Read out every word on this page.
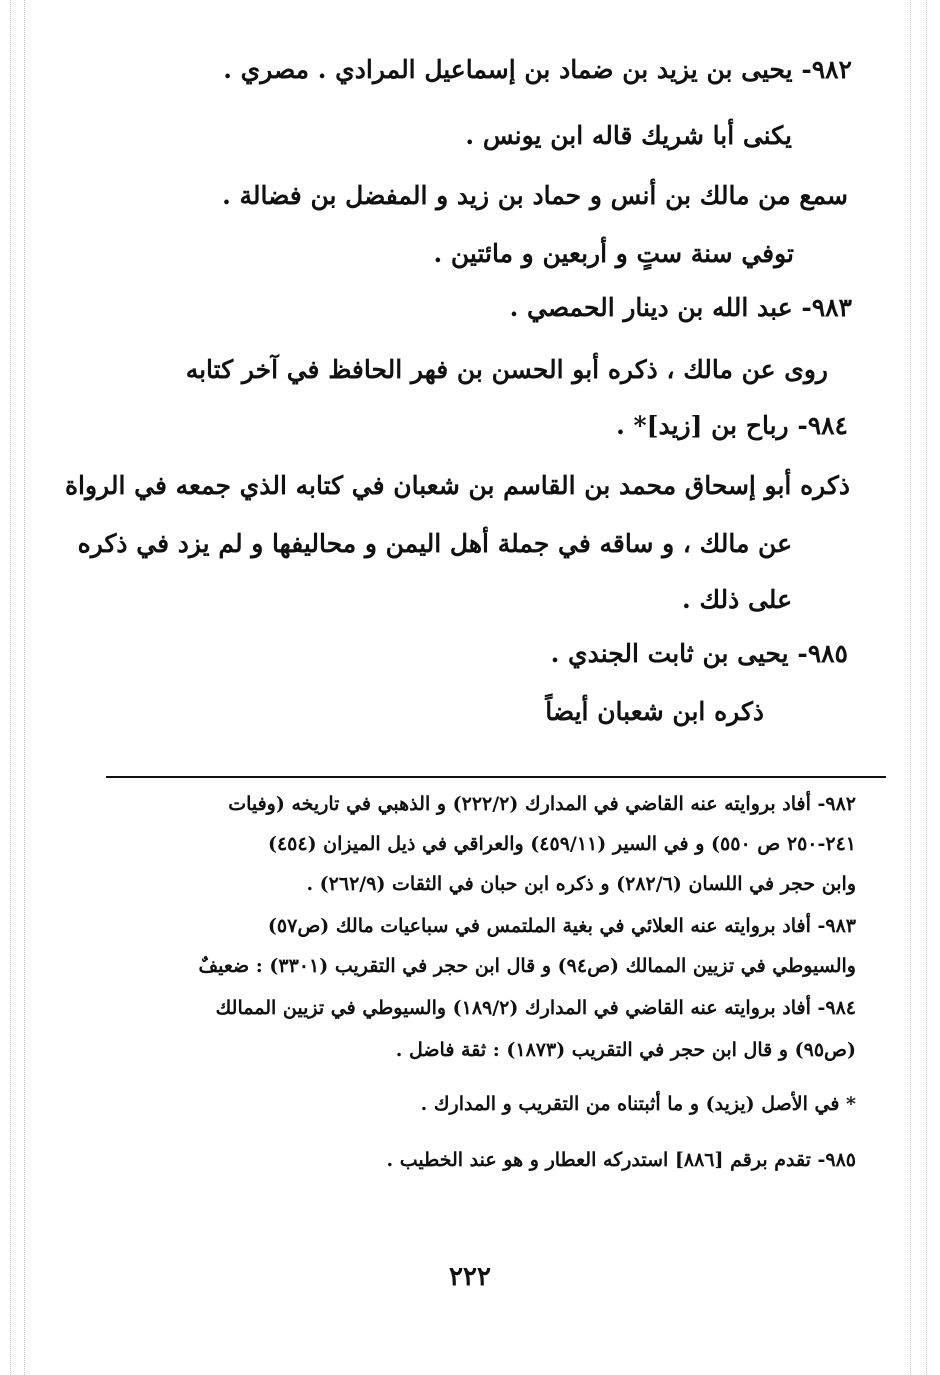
٩٨٢- يحيى بن يزيد بن ضماد بن إسماعيل المرادي . مصري .
يكنى أبا شريك قاله ابن يونس .
سمع من مالك بن أنس و حماد بن زيد و المفضل بن فضالة .
توفي سنة ستٍ و أربعين و مائتين .
٩٨٣- عبد الله بن دينار الحمصي .
روى عن مالك ، ذكره أبو الحسن بن فهر الحافظ في آخر كتابه
٩٨٤- رباح بن [زيد]* .
ذكره أبو إسحاق محمد بن القاسم بن شعبان في كتابه الذي جمعه في الرواة
عن مالك ، و ساقه في جملة أهل اليمن و محاليفها و لم يزد في ذكره
على ذلك .
٩٨٥- يحيى بن ثابت الجندي .
ذكره ابن شعبان أيضاً
٩٨٢- أفاد بروايته عنه القاضي في المدارك (٢٢٢/٢) و الذهبي في تاريخه (وفيات
٢٤١-٢٥٠ ص ٥٥٠) و في السير (٤٥٩/١١) والعراقي في ذيل الميزان (٤٥٤)
وابن حجر في اللسان (٢٨٢/٦) و ذكره ابن حبان في الثقات (٢٦٢/٩) .
٩٨٣- أفاد بروايته عنه العلائي في بغية الملتمس في سباعيات مالك (ص٥٧)
والسيوطي في تزيين الممالك (ص٩٤) و قال ابن حجر في التقريب (٣٣٠١) : ضعيفٌ
٩٨٤- أفاد بروايته عنه القاضي في المدارك (١٨٩/٢) والسيوطي في تزيين الممالك
(ص٩٥) و قال ابن حجر في التقريب (١٨٧٣) : ثقة فاضل .
* في الأصل (يزيد) و ما أثبتناه من التقريب و المدارك .
٩٨٥- تقدم برقم [٨٨٦] استدركه العطار و هو عند الخطيب .
٢٢٢
